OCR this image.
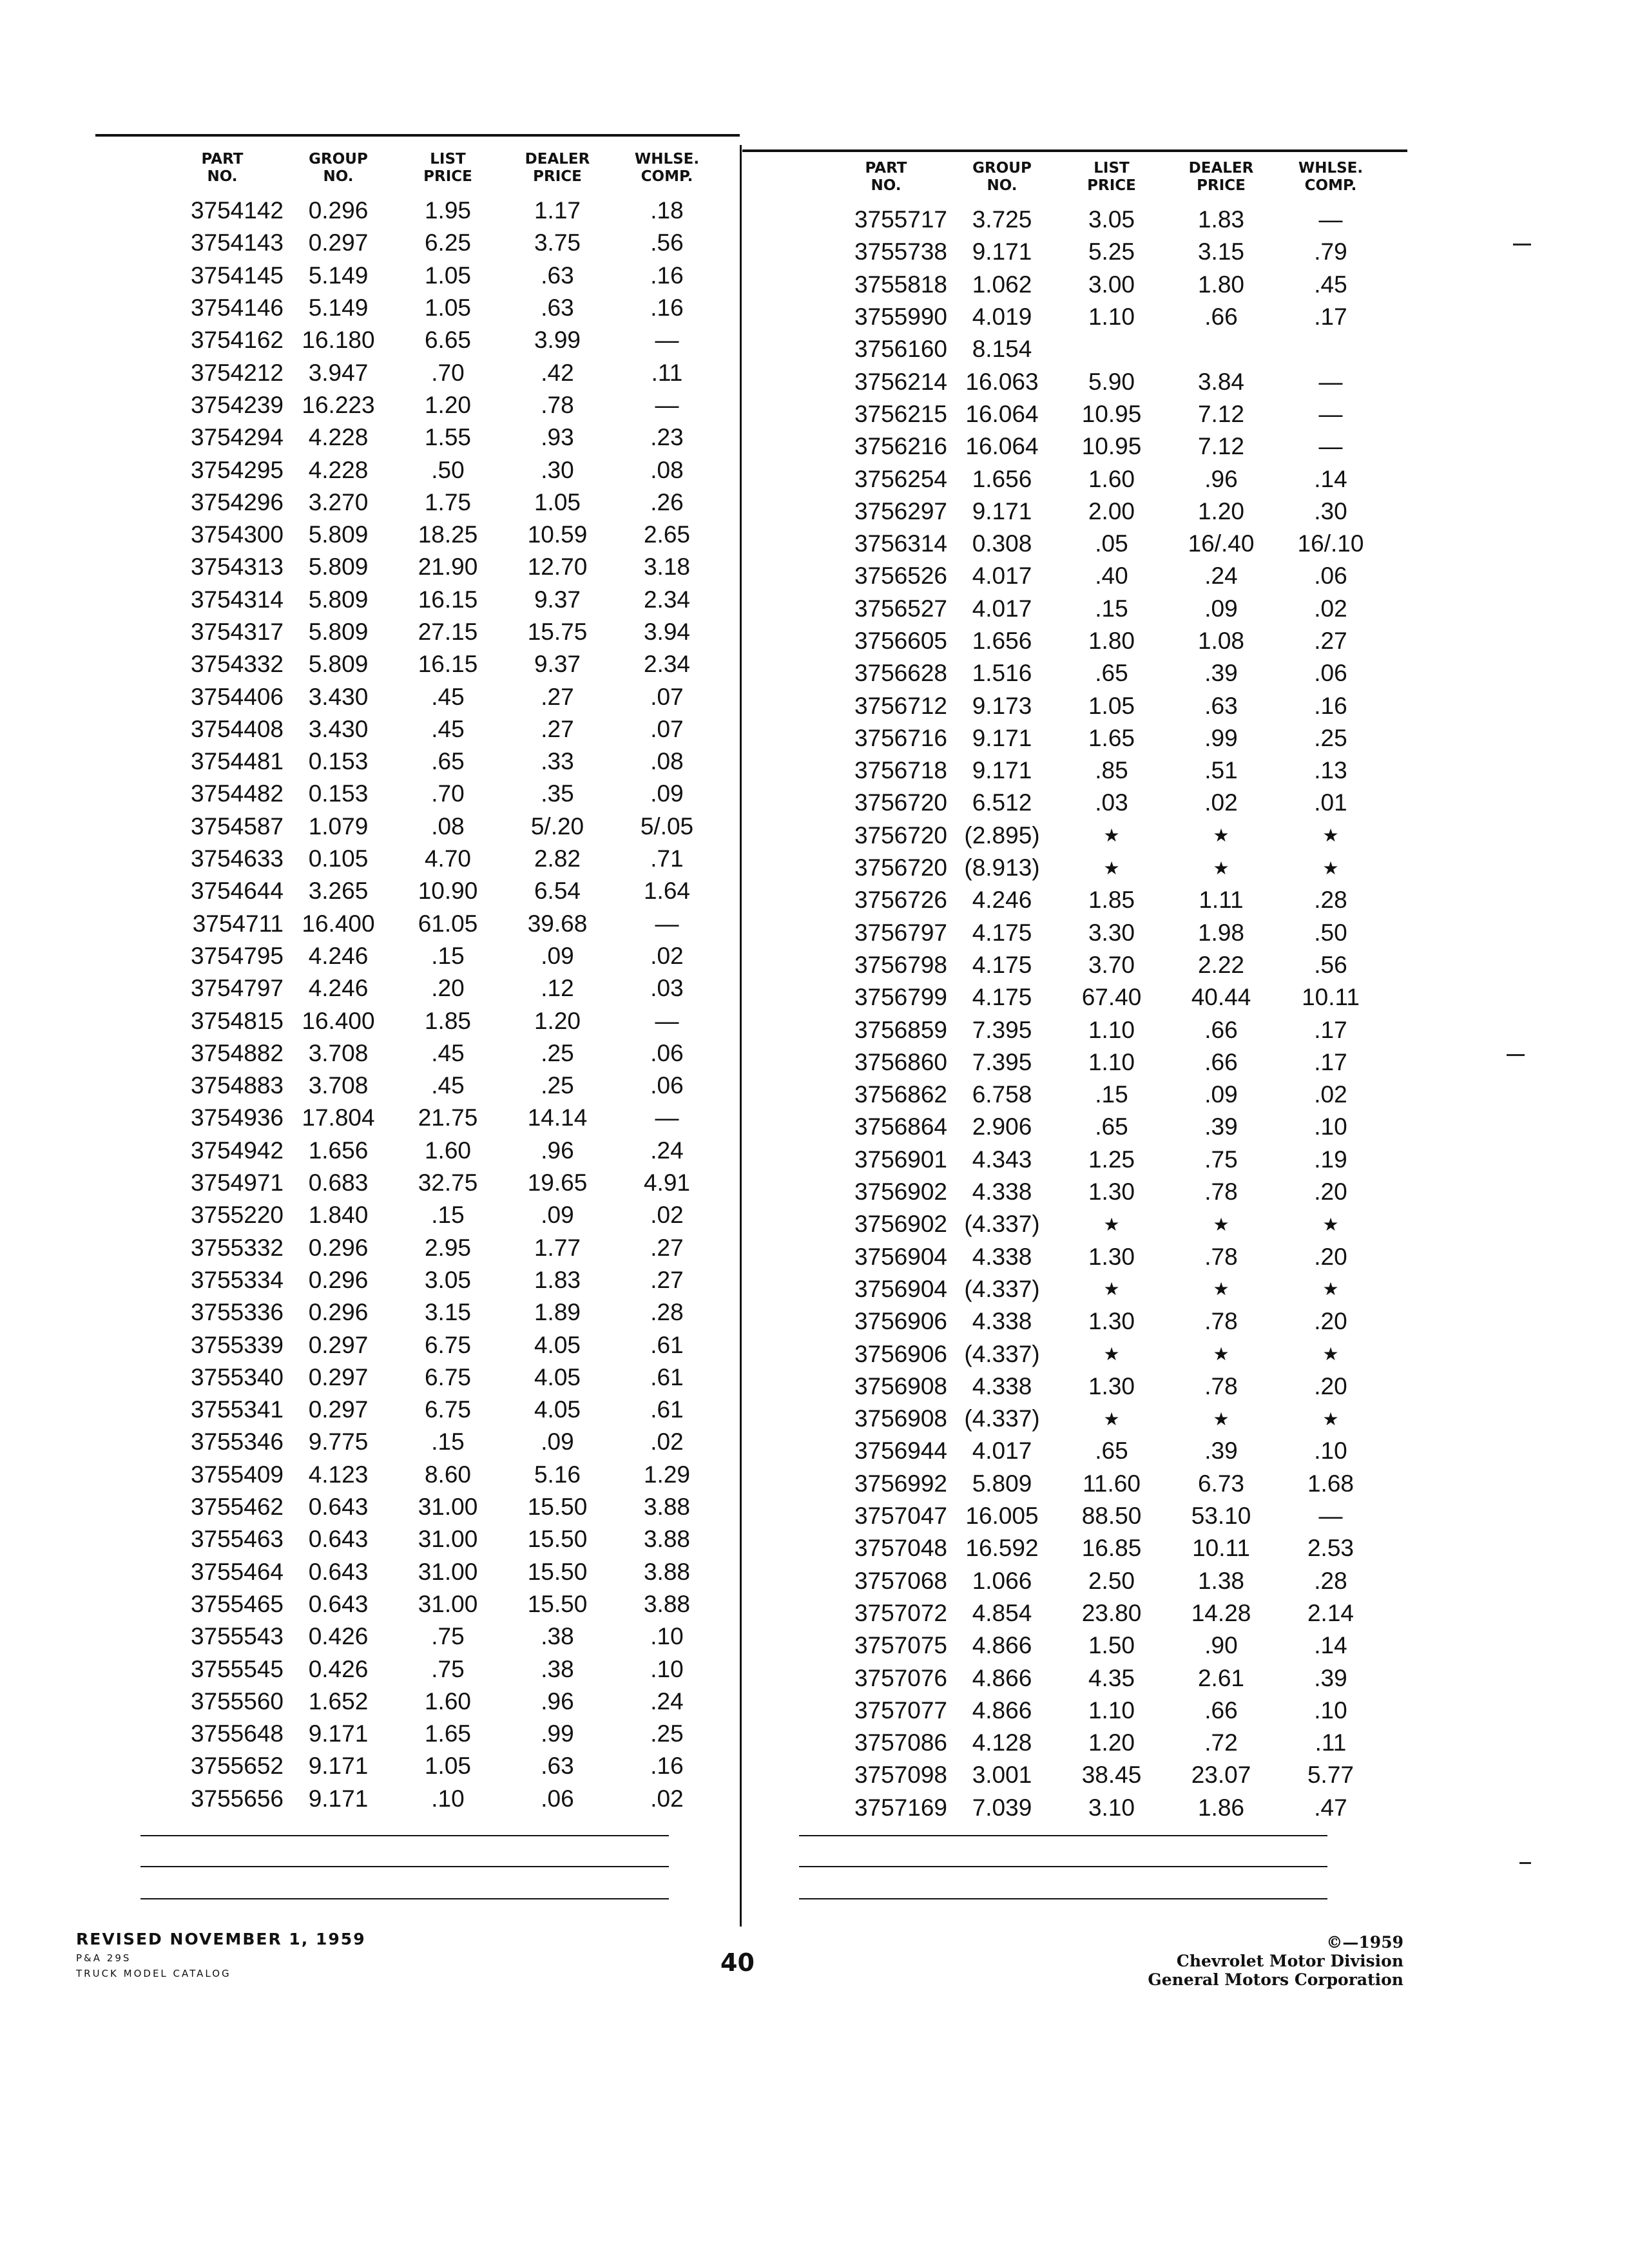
PART
NO.
GROUP
NO.
LIST
PRICE
DEALER
PRICE
WHLSE.
COMP.
3754142	0.296	1.95	1.17	.18
3754143	0.297	6.25	3.75	.56
3754145	5.149	1.05	.63	.16
3754146	5.149	1.05	.63	.16
3754162 16.180	6.65	3.99	—
3754212	3.947	.70	.42	.11
3754239 16.223	1.20	.78	—
3754294	4.228	1.55	.93	.23
3754295	4.228	.50	.30	.08
3754296	3.270	1.75	1.05	.26
3754300	5.809	18.25	10.59	2.65
3754313	5.809	21.90	12.70	3.18
3754314	5.809	16.15	9.37	2.34
3754317	5.809	27.15	15.75	3.94
3754332	5.809	16.15	9.37	2.34
3754406	3.430	.45	.27	.07
3754408	3.430	.45	.27	.07
3754481	0.153	.65	.33	.08
3754482	0.153	.70	.35	.09
3754587	1.079	.08	5/.20	5/.05
3754633	0.105	4.70	2.82	.71
3754644	3.265	10.90	6.54	1.64
3754711 16.400	61.05	39.68	—
3754795	4.246	.15	.09	.02
3754797	4.246	.20	.12	.03
3754815 16.400	1.85	1.20	—
3754882	3.708	.45	.25	.06
3754883	3.708	.45	.25	.06
3754936 17.804	21.75	14.14	—
3754942	1.656	1.60	.96	.24
3754971	0.683	32.75	19.65	4.91
3755220	1.840	.15	.09	.02
3755332	0.296	2.95	1.77	.27
3755334	0.296	3.05	1.83	.27
3755336	0.296	3.15	1.89	.28
3755339	0.297	6.75	4.05	.61
3755340	0.297	6.75	4.05	.61
3755341	0.297	6.75	4.05	.61
3755346	9.775	.15	.09	.02
3755409	4.123	8.60	5.16	1.29
3755462	0.643	31.00	15.50	3.88
3755463	0.643	31.00	15.50	3.88
3755464	0.643	31.00	15.50	3.88
3755465	0.643	31.00	15.50	3.88
3755543	0.426	.75	.38	.10
3755545	0.426	.75	.38	.10
3755560	1.652	1.60	.96	.24
3755648	9.171	1.65	.99	.25
3755652	9.171	1.05	.63	.16
3755656	9.171	.10	.06	.02
PART
NO.
GROUP
NO.
LIST
PRICE
DEALER
PRICE
WHLSE.
COMP.
3755717	3.725	3.05	1.83	—
3755738	9.171	5.25	3.15	.79
3755818	1.062	3.00	1.80	.45
3755990	4.019	1.10	.66	.17
3756160	8.154
3756214 16.063	5.90	3.84	—
3756215 16.064	10.95	7.12	—
3756216 16.064	10.95	7.12	—
3756254	1.656	1.60	.96	.14
3756297	9.171	2.00	1.20	.30
3756314	0.308	.05	16/.40	16/.10
3756526	4.017	.40	.24	.06
3756527	4.017	.15	.09	.02
3756605	1.656	1.80	1.08	.27
3756628	1.516	.65	.39	.06
3756712	9.173	1.05	.63	.16
3756716	9.171	1.65	.99	.25
3756718	9.171	.85	.51	.13
3756720	6.512	.03	.02	.01
3756720 (2.895)	★	★	★
3756720 (8.913)	★	★	★
3756726	4.246	1.85	1.11	.28
3756797	4.175	3.30	1.98	.50
3756798	4.175	3.70	2.22	.56
3756799	4.175	67.40	40.44	10.11
3756859	7.395	1.10	.66	.17
3756860	7.395	1.10	.66	.17
3756862	6.758	.15	.09	.02
3756864	2.906	.65	.39	.10
3756901	4.343	1.25	.75	.19
3756902	4.338	1.30	.78	.20
3756902 (4.337)	★	★	★
3756904	4.338	1.30	.78	.20
3756904 (4.337)	★	★	★
3756906	4.338	1.30	.78	.20
3756906 (4.337)	★	★	★
3756908	4.338	1.30	.78	.20
3756908 (4.337)	★	★	★
3756944	4.017	.65	.39	.10
3756992	5.809	11.60	6.73	1.68
3757047 16.005	88.50	53.10	—
3757048 16.592	16.85	10.11	2.53
3757068	1.066	2.50	1.38	.28
3757072	4.854	23.80	14.28	2.14
3757075	4.866	1.50	.90	.14
3757076	4.866	4.35	2.61	.39
3757077	4.866	1.10	.66	.10
3757086	4.128	1.20	.72	.11
3757098	3.001	38.45	23.07	5.77
3757169	7.039	3.10	1.86	.47
REVISED NOVEMBER 1, 1959
P&A 29S
TRUCK MODEL CATALOG	40
©—1959
Chevrolet Motor Division
General Motors Corporation
